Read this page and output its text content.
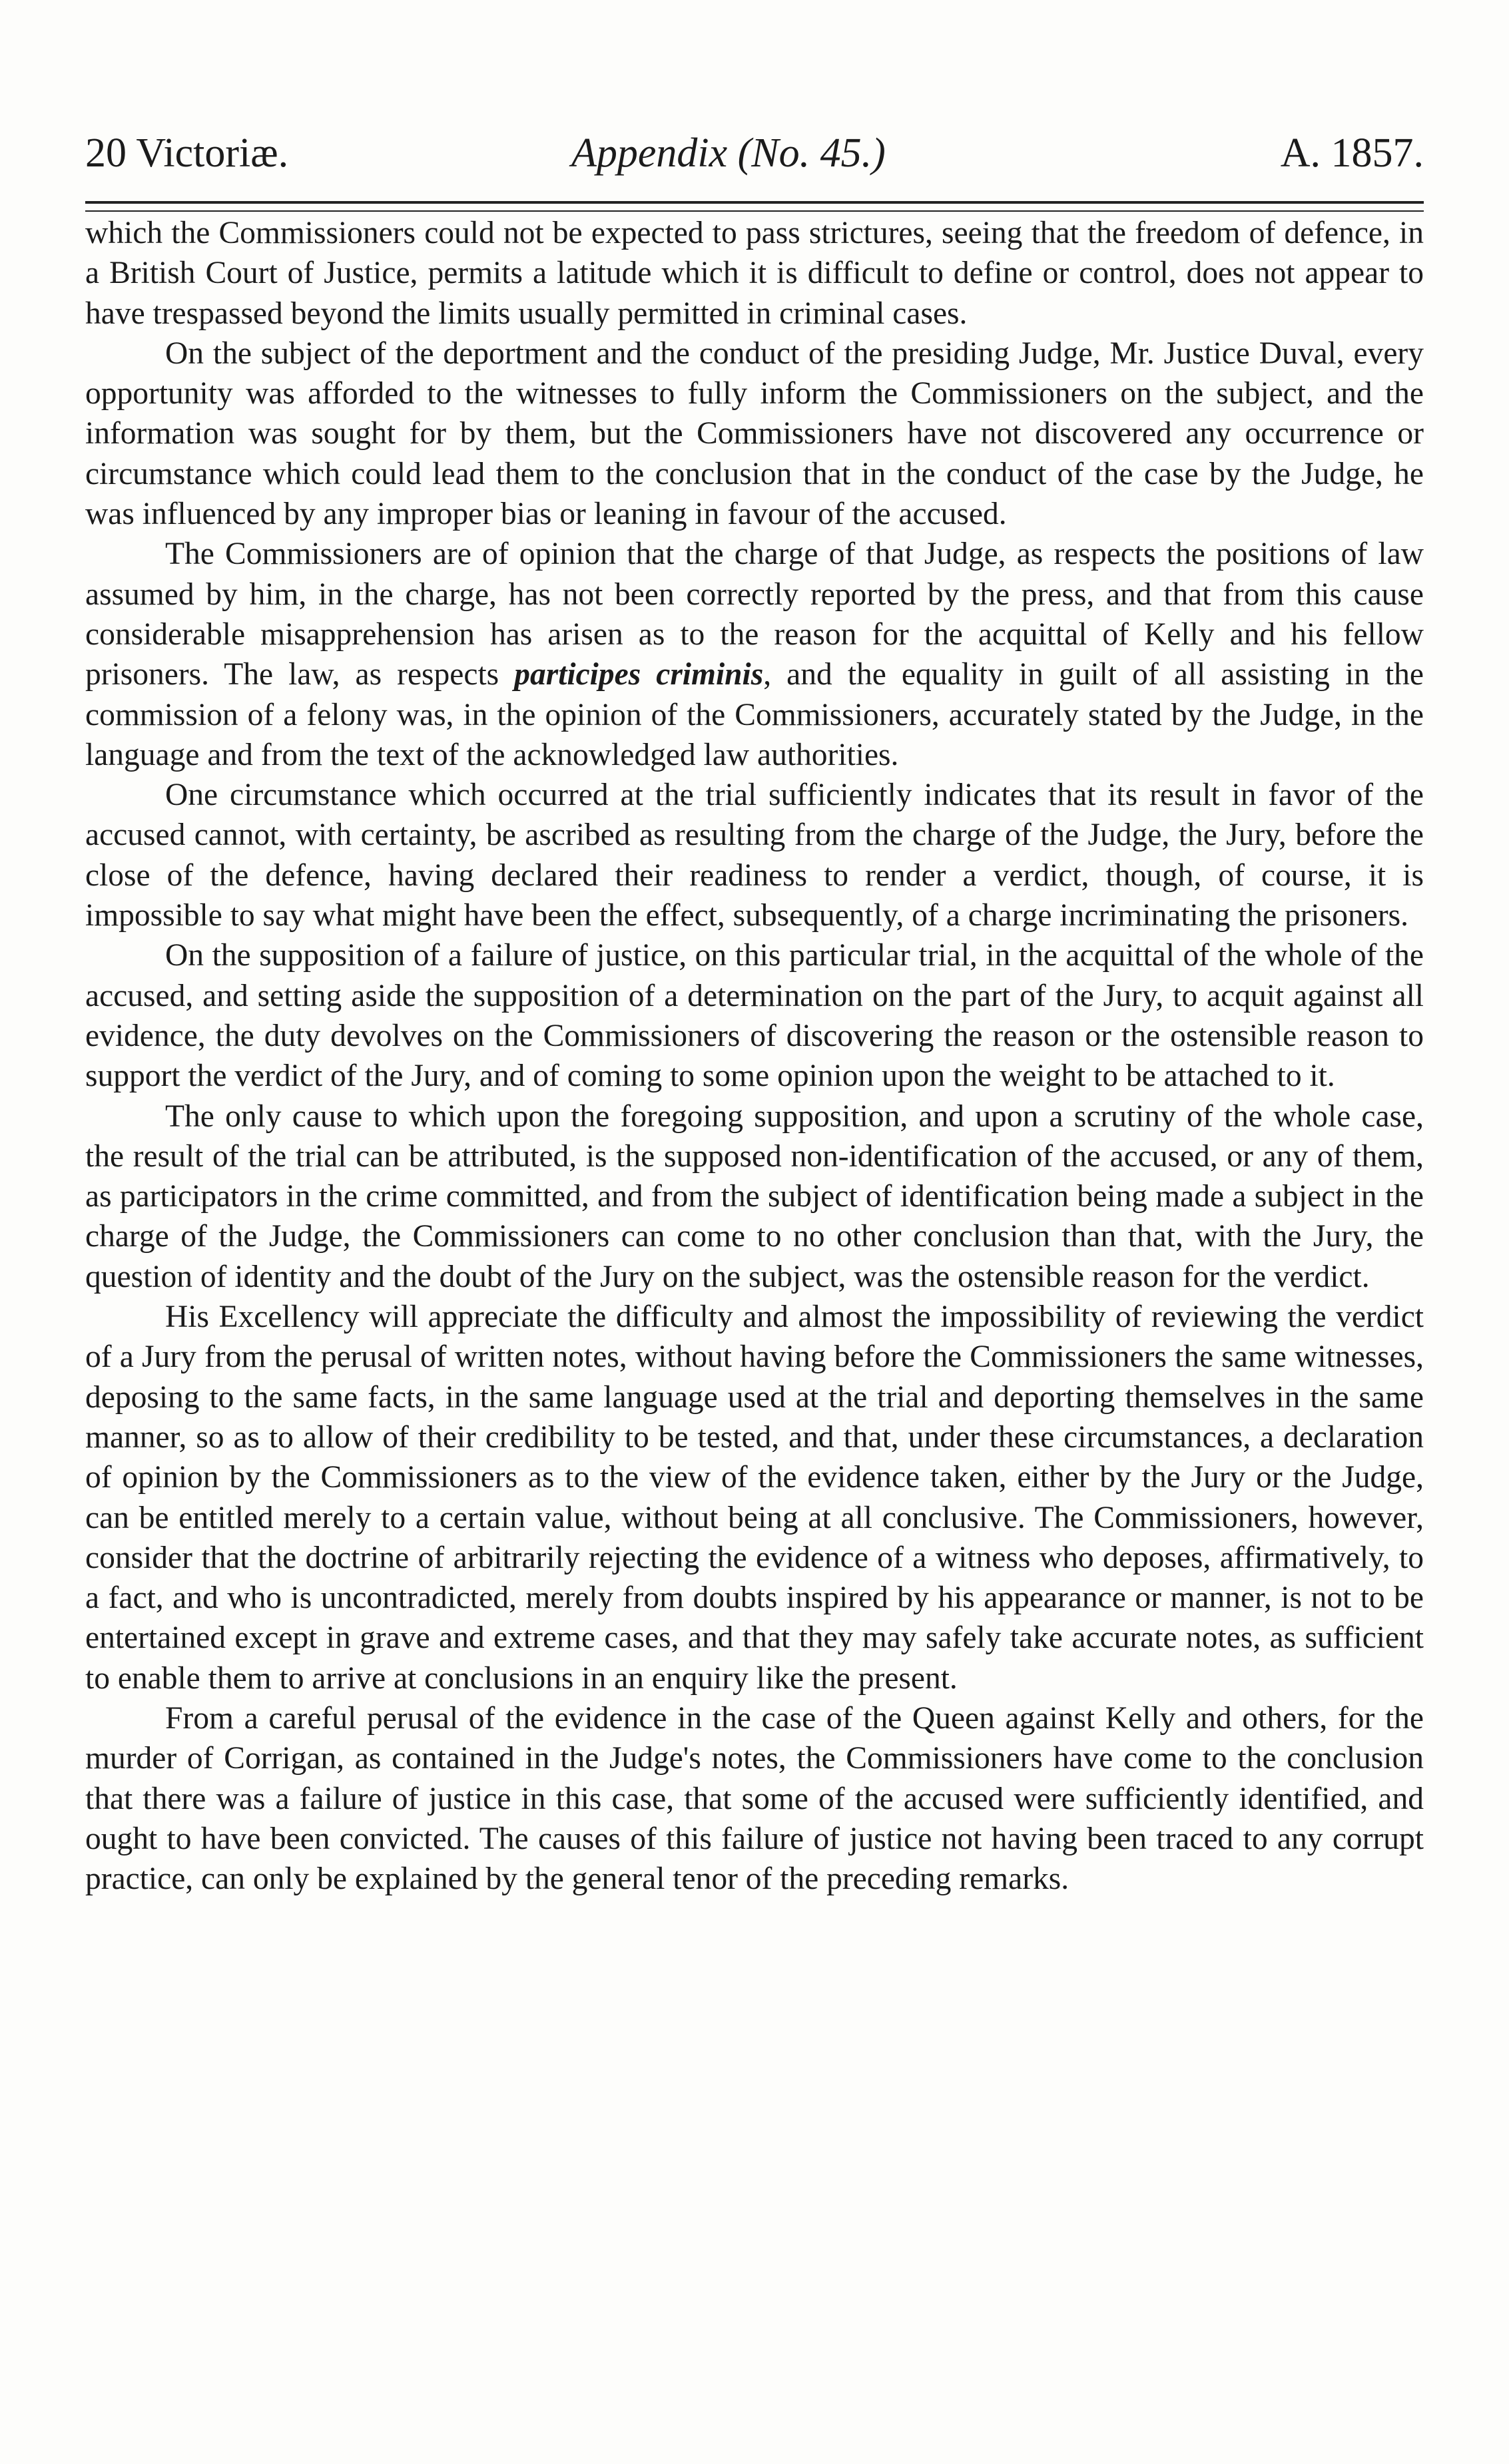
20 Victoriæ.	Appendix (No. 45.)	A. 1857.

which the Commissioners could not be expected to pass strictures, seeing that the freedom of defence, in a British Court of Justice, permits a latitude which it is difficult to define or control, does not appear to have trespassed beyond the limits usually permitted in criminal cases.

On the subject of the deportment and the conduct of the presiding Judge, Mr. Justice Duval, every opportunity was afforded to the witnesses to fully inform the Commissioners on the subject, and the information was sought for by them, but the Commissioners have not discovered any occurrence or circumstance which could lead them to the conclusion that in the conduct of the case by the Judge, he was influenced by any improper bias or leaning in favour of the accused.

The Commissioners are of opinion that the charge of that Judge, as respects the positions of law assumed by him, in the charge, has not been correctly reported by the press, and that from this cause considerable misapprehension has arisen as to the reason for the acquittal of Kelly and his fellow prisoners. The law, as respects participes criminis, and the equality in guilt of all assisting in the commission of a felony was, in the opinion of the Commissioners, accurately stated by the Judge, in the language and from the text of the acknowledged law authorities.

One circumstance which occurred at the trial sufficiently indicates that its result in favor of the accused cannot, with certainty, be ascribed as resulting from the charge of the Judge, the Jury, before the close of the defence, having declared their readiness to render a verdict, though, of course, it is impossible to say what might have been the effect, subsequently, of a charge incriminating the prisoners.

On the supposition of a failure of justice, on this particular trial, in the acquittal of the whole of the accused, and setting aside the supposition of a determination on the part of the Jury, to acquit against all evidence, the duty devolves on the Commissioners of discovering the reason or the ostensible reason to support the verdict of the Jury, and of coming to some opinion upon the weight to be attached to it.

The only cause to which upon the foregoing supposition, and upon a scrutiny of the whole case, the result of the trial can be attributed, is the supposed non-identification of the accused, or any of them, as participators in the crime committed, and from the subject of identification being made a subject in the charge of the Judge, the Commissioners can come to no other conclusion than that, with the Jury, the question of identity and the doubt of the Jury on the subject, was the ostensible reason for the verdict.

His Excellency will appreciate the difficulty and almost the impossibility of reviewing the verdict of a Jury from the perusal of written notes, without having before the Commissioners the same witnesses, deposing to the same facts, in the same language used at the trial and deporting themselves in the same manner, so as to allow of their credibility to be tested, and that, under these circumstances, a declaration of opinion by the Commissioners as to the view of the evidence taken, either by the Jury or the Judge, can be entitled merely to a certain value, without being at all conclusive. The Commissioners, however, consider that the doctrine of arbitrarily rejecting the evidence of a witness who deposes, affirmatively, to a fact, and who is uncontradicted, merely from doubts inspired by his appearance or manner, is not to be entertained except in grave and extreme cases, and that they may safely take accurate notes, as sufficient to enable them to arrive at conclusions in an enquiry like the present.

From a careful perusal of the evidence in the case of the Queen against Kelly and others, for the murder of Corrigan, as contained in the Judge's notes, the Commissioners have come to the conclusion that there was a failure of justice in this case, that some of the accused were sufficiently identified, and ought to have been convicted. The causes of this failure of justice not having been traced to any corrupt practice, can only be explained by the general tenor of the preceding remarks.
